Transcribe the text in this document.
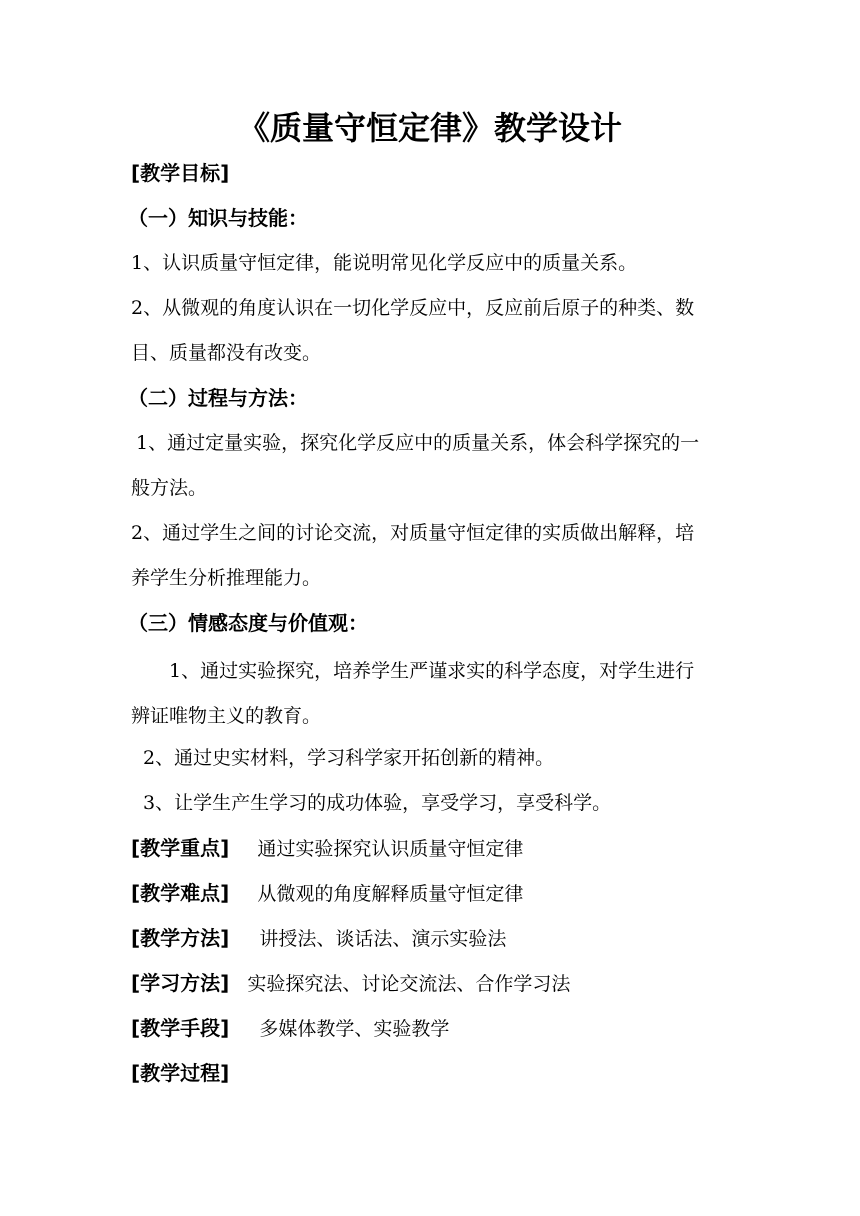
《质量守恒定律》教学设计
[教学目标]
（一）知识与技能：
1、认识质量守恒定律，能说明常见化学反应中的质量关系。
2、从微观的角度认识在一切化学反应中，反应前后原子的种类、数
目、质量都没有改变。
（二）过程与方法：
1、通过定量实验，探究化学反应中的质量关系，体会科学探究的一
般方法。
2、通过学生之间的讨论交流，对质量守恒定律的实质做出解释，培
养学生分析推理能力。
（三）情感态度与价值观：
1、通过实验探究，培养学生严谨求实的科学态度，对学生进行
辨证唯物主义的教育。
2、通过史实材料，学习科学家开拓创新的精神。
3、让学生产生学习的成功体验，享受学习，享受科学。
[教学重点] 通过实验探究认识质量守恒定律
[教学难点] 从微观的角度解释质量守恒定律
[教学方法] 讲授法、谈话法、演示实验法
[学习方法] 实验探究法、讨论交流法、合作学习法
[教学手段] 多媒体教学、实验教学
[教学过程]
